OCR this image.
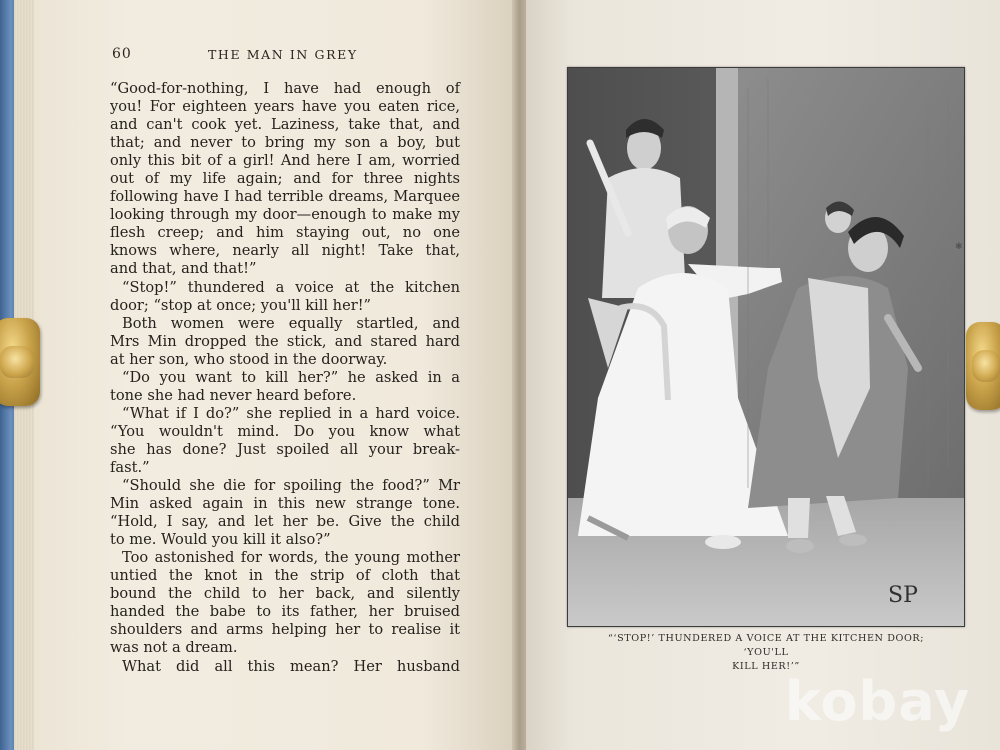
60	THE MAN IN GREY
“Good-for-nothing, I have had enough of
you! For eighteen years have you eaten rice,
and can't cook yet. Laziness, take that, and
that; and never to bring my son a boy, but
only this bit of a girl! And here I am, worried
out of my life again; and for three nights
following have I had terrible dreams, Marquee
looking through my door—enough to make my
flesh creep; and him staying out, no one
knows where, nearly all night! Take that,
and that, and that!”
“Stop!” thundered a voice at the kitchen
door; “stop at once; you'll kill her!”
Both women were equally startled, and
Mrs Min dropped the stick, and stared hard
at her son, who stood in the doorway.
“Do you want to kill her?” he asked in a
tone she had never heard before.
“What if I do?” she replied in a hard voice.
“You wouldn't mind. Do you know what
she has done? Just spoiled all your break-
fast.”
“Should she die for spoiling the food?” Mr
Min asked again in this new strange tone.
“Hold, I say, and let her be. Give the child
to me. Would you kill it also?”
Too astonished for words, the young mother
untied the knot in the strip of cloth that
bound the child to her back, and silently
handed the babe to its father, her bruised
shoulders and arms helping her to realise it
was not a dream.
What did all this mean? Her husband
SP
“‘STOP!’ THUNDERED A VOICE AT THE KITCHEN DOOR; ‘YOU'LL
KILL HER!’”
✱
kobay
